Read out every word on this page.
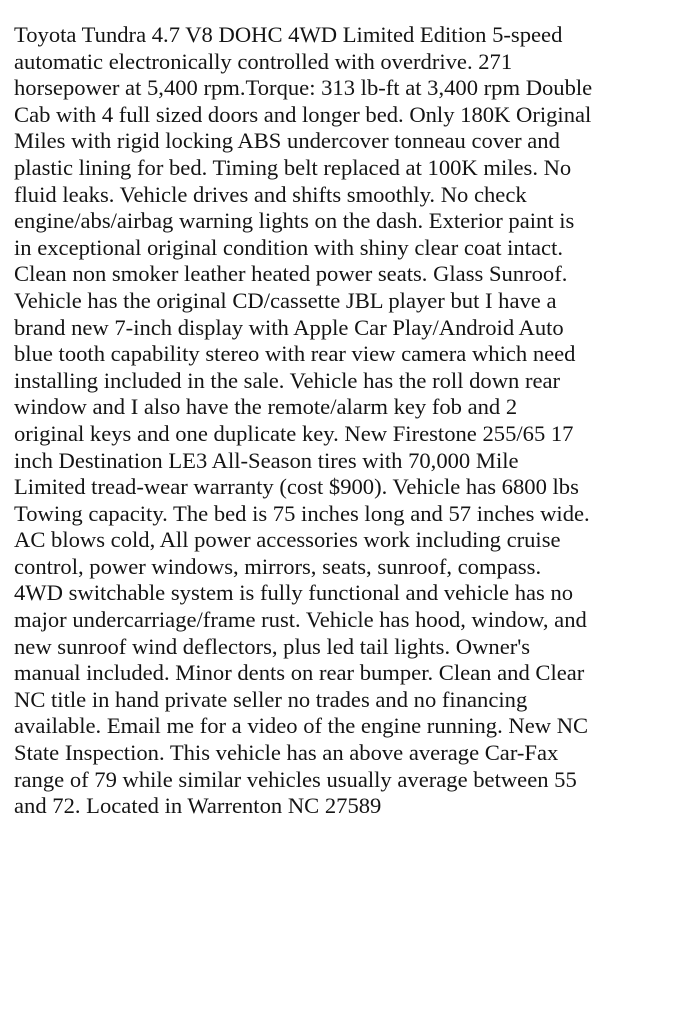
Toyota Tundra 4.7 V8 DOHC 4WD Limited Edition 5-speed
automatic electronically controlled with overdrive. 271
horsepower at 5,400 rpm.Torque: 313 lb-ft at 3,400 rpm Double
Cab with 4 full sized doors and longer bed. Only 180K Original
Miles with rigid locking ABS undercover tonneau cover and
plastic lining for bed. Timing belt replaced at 100K miles. No
fluid leaks. Vehicle drives and shifts smoothly. No check
engine/abs/airbag warning lights on the dash. Exterior paint is
in exceptional original condition with shiny clear coat intact.
Clean non smoker leather heated power seats. Glass Sunroof.
Vehicle has the original CD/cassette JBL player but I have a
brand new 7-inch display with Apple Car Play/Android Auto
blue tooth capability stereo with rear view camera which need
installing included in the sale. Vehicle has the roll down rear
window and I also have the remote/alarm key fob and 2
original keys and one duplicate key. New Firestone 255/65 17
inch Destination LE3 All-Season tires with 70,000 Mile
Limited tread-wear warranty (cost $900). Vehicle has 6800 lbs
Towing capacity. The bed is 75 inches long and 57 inches wide.
AC blows cold, All power accessories work including cruise
control, power windows, mirrors, seats, sunroof, compass.
4WD switchable system is fully functional and vehicle has no
major undercarriage/frame rust. Vehicle has hood, window, and
new sunroof wind deflectors, plus led tail lights. Owner's
manual included. Minor dents on rear bumper. Clean and Clear
NC title in hand private seller no trades and no financing
available. Email me for a video of the engine running. New NC
State Inspection. This vehicle has an above average Car-Fax
range of 79 while similar vehicles usually average between 55
and 72. Located in Warrenton NC 27589
